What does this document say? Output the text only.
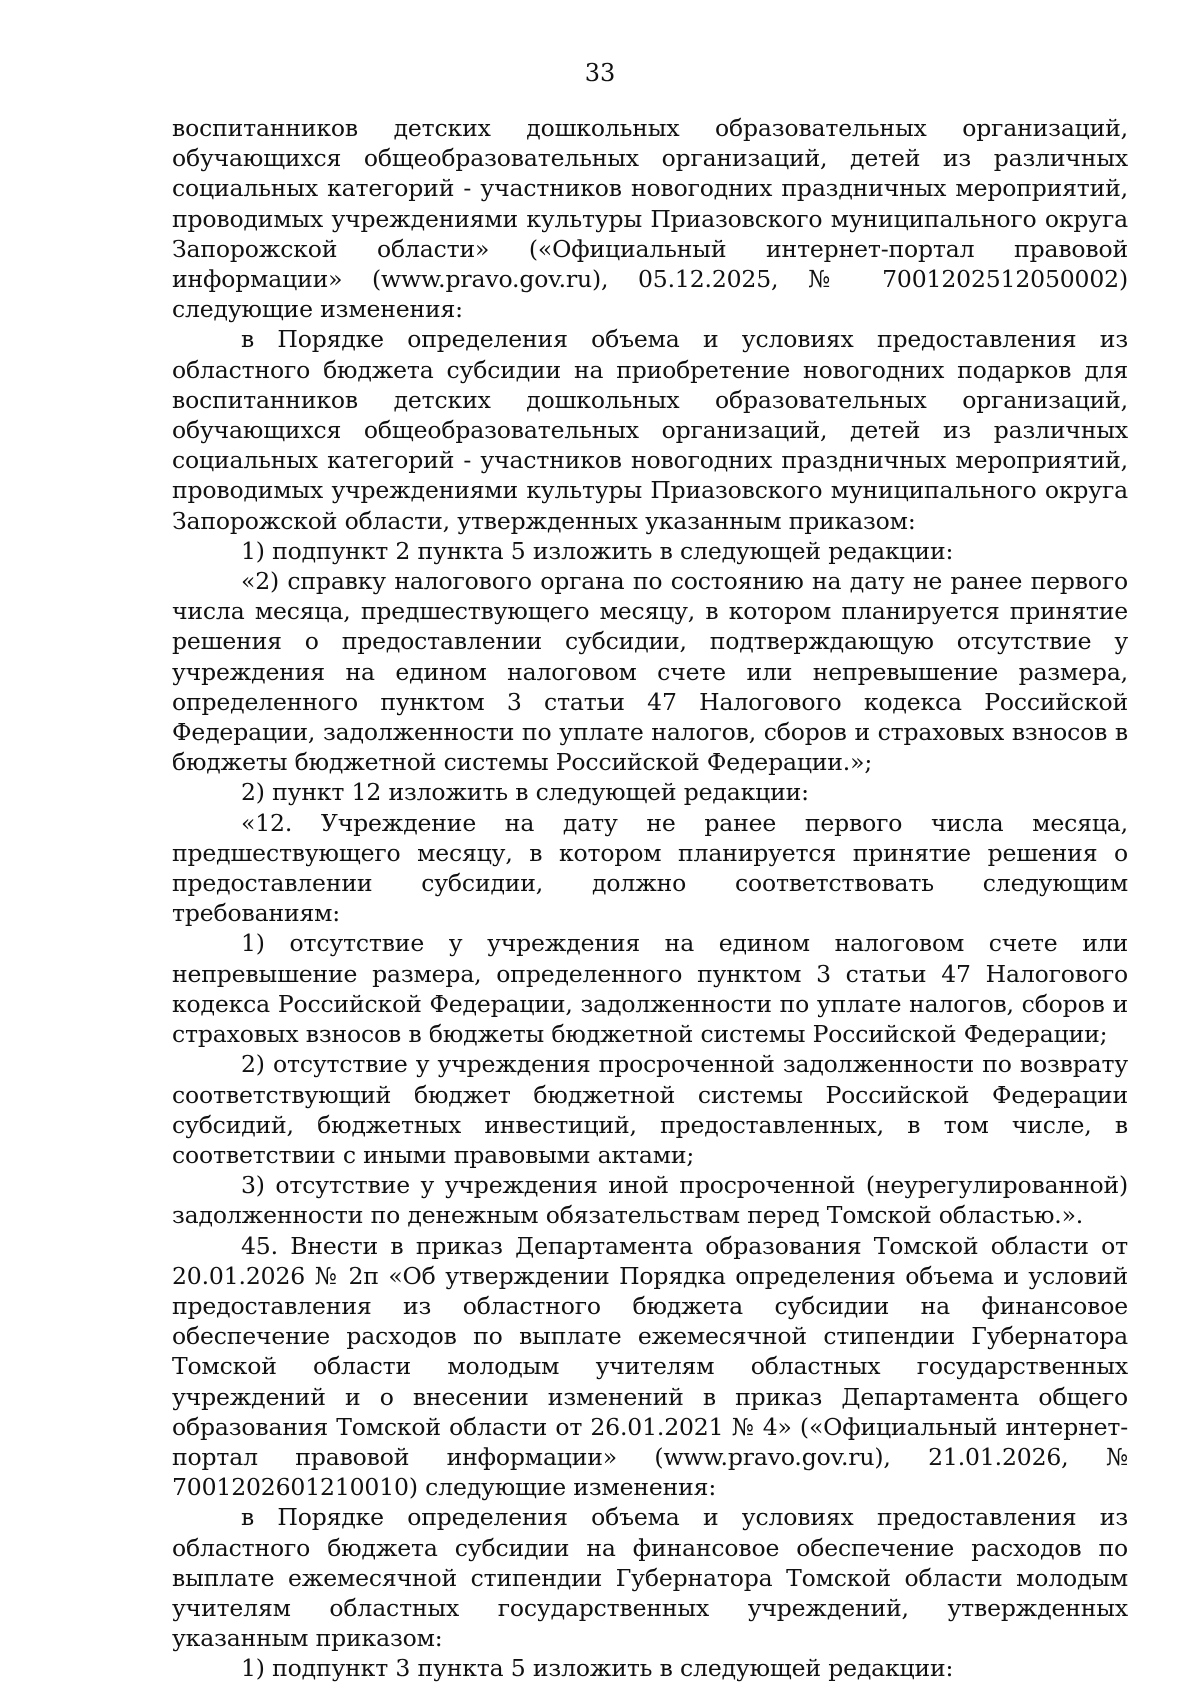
33

воспитанников детских дошкольных образовательных организаций, обучающихся общеобразовательных организаций, детей из различных социальных категорий - участников новогодних праздничных мероприятий, проводимых учреждениями культуры Приазовского муниципального округа Запорожской области» («Официальный интернет-портал правовой информации» (www.pravo.gov.ru), 05.12.2025, № 7001202512050002) следующие изменения:

в Порядке определения объема и условиях предоставления из областного бюджета субсидии на приобретение новогодних подарков для воспитанников детских дошкольных образовательных организаций, обучающихся общеобразовательных организаций, детей из различных социальных категорий - участников новогодних праздничных мероприятий, проводимых учреждениями культуры Приазовского муниципального округа Запорожской области, утвержденных указанным приказом:

1) подпункт 2 пункта 5 изложить в следующей редакции:

«2) справку налогового органа по состоянию на дату не ранее первого числа месяца, предшествующего месяцу, в котором планируется принятие решения о предоставлении субсидии, подтверждающую отсутствие у учреждения на едином налоговом счете или непревышение размера, определенного пунктом 3 статьи 47 Налогового кодекса Российской Федерации, задолженности по уплате налогов, сборов и страховых взносов в бюджеты бюджетной системы Российской Федерации.»;

2) пункт 12 изложить в следующей редакции:

«12. Учреждение на дату не ранее первого числа месяца, предшествующего месяцу, в котором планируется принятие решения о предоставлении субсидии, должно соответствовать следующим требованиям:

1) отсутствие у учреждения на едином налоговом счете или непревышение размера, определенного пунктом 3 статьи 47 Налогового кодекса Российской Федерации, задолженности по уплате налогов, сборов и страховых взносов в бюджеты бюджетной системы Российской Федерации;

2) отсутствие у учреждения просроченной задолженности по возврату соответствующий бюджет бюджетной системы Российской Федерации субсидий, бюджетных инвестиций, предоставленных, в том числе, в соответствии с иными правовыми актами;

3) отсутствие у учреждения иной просроченной (неурегулированной) задолженности по денежным обязательствам перед Томской областью.».

45. Внести в приказ Департамента образования Томской области от 20.01.2026 № 2п «Об утверждении Порядка определения объема и условий предоставления из областного бюджета субсидии на финансовое обеспечение расходов по выплате ежемесячной стипендии Губернатора Томской области молодым учителям областных государственных учреждений и о внесении изменений в приказ Департамента общего образования Томской области от 26.01.2021 № 4» («Официальный интернет-портал правовой информации» (www.pravo.gov.ru), 21.01.2026, № 7001202601210010) следующие изменения:

в Порядке определения объема и условиях предоставления из областного бюджета субсидии на финансовое обеспечение расходов по выплате ежемесячной стипендии Губернатора Томской области молодым учителям областных государственных учреждений, утвержденных указанным приказом:

1) подпункт 3 пункта 5 изложить в следующей редакции:
